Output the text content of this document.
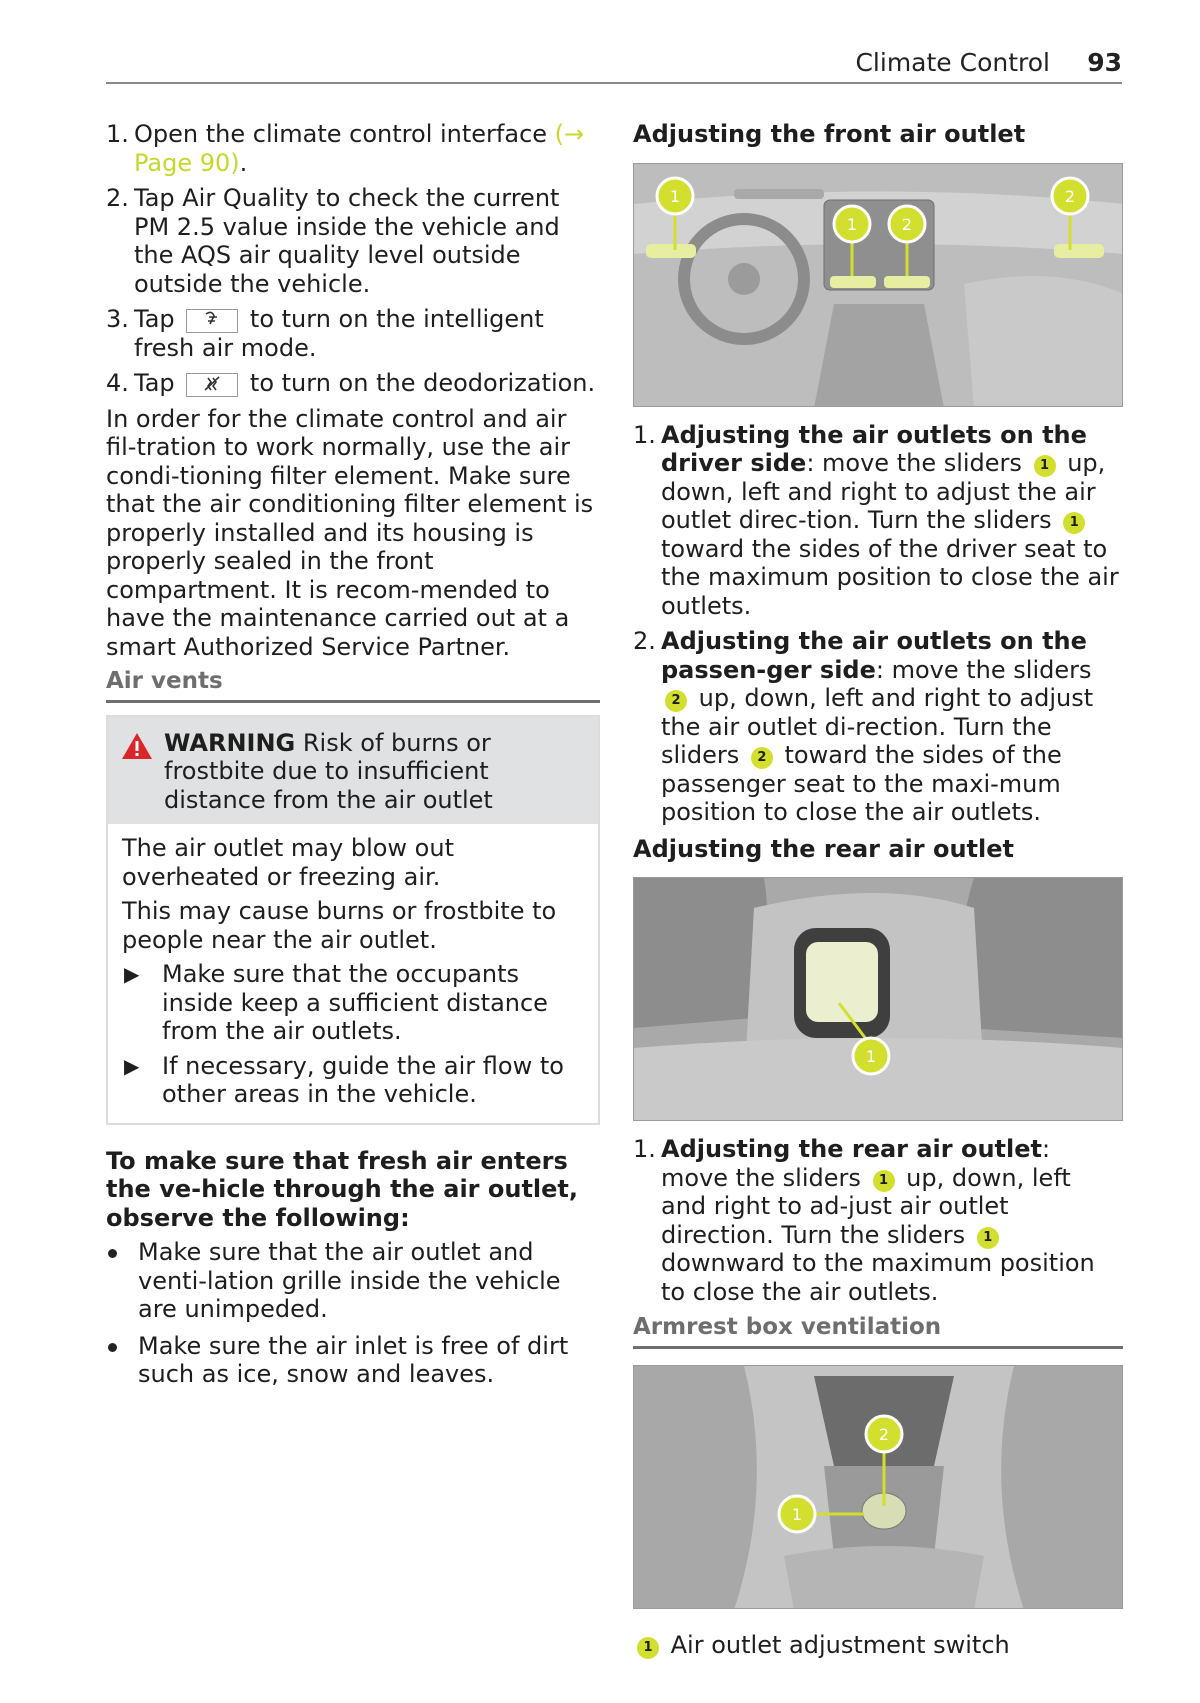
Climate Control 93
1. Open the climate control interface (→ Page 90).
2. Tap Air Quality to check the current PM 2.5 value inside the vehicle and the AQS air quality level outside outside the vehicle.
3. Tap	to turn on the intelligent fresh air mode.
4. Tap	to turn on the deodorization.

In order for the climate control and air fil-tration to work normally, use the air condi-tioning filter element. Make sure that the air conditioning filter element is properly installed and its housing is properly sealed in the front compartment. It is recom-mended to have the maintenance carried out at a smart Authorized Service Partner.

Air vents
WARNING Risk of burns or frostbite due to insufficient distance from the air outlet

The air outlet may blow out overheated or freezing air.

This may cause burns or frostbite to people near the air outlet.

▶ Make sure that the occupants inside keep a sufficient distance from the air outlets.
▶ If necessary, guide the air flow to other areas in the vehicle.
To make sure that fresh air enters the ve-hicle through the air outlet, observe the following:
Make sure that the air outlet and venti-lation grille inside the vehicle are unimpeded.
Make sure the air inlet is free of dirt such as ice, snow and leaves.
Adjusting the front air outlet
1
1	2
2
1. Adjusting the air outlets on the driver side: move the sliders 1 up, down, left and right to adjust the air outlet direc-tion. Turn the sliders 1 toward the sides of the driver seat to the maximum position to close the air outlets.
2. Adjusting the air outlets on the passen-ger side: move the sliders 2 up, down, left and right to adjust the air outlet di-rection. Turn the sliders 2 toward the sides of the passenger seat to the maxi-mum position to close the air outlets.
Adjusting the rear air outlet
1
1. Adjusting the rear air outlet: move the sliders 1 up, down, left and right to ad-just air outlet direction. Turn the sliders 1 downward to the maximum position to close the air outlets.
Armrest box ventilation
2
1
1 Air outlet adjustment switch
